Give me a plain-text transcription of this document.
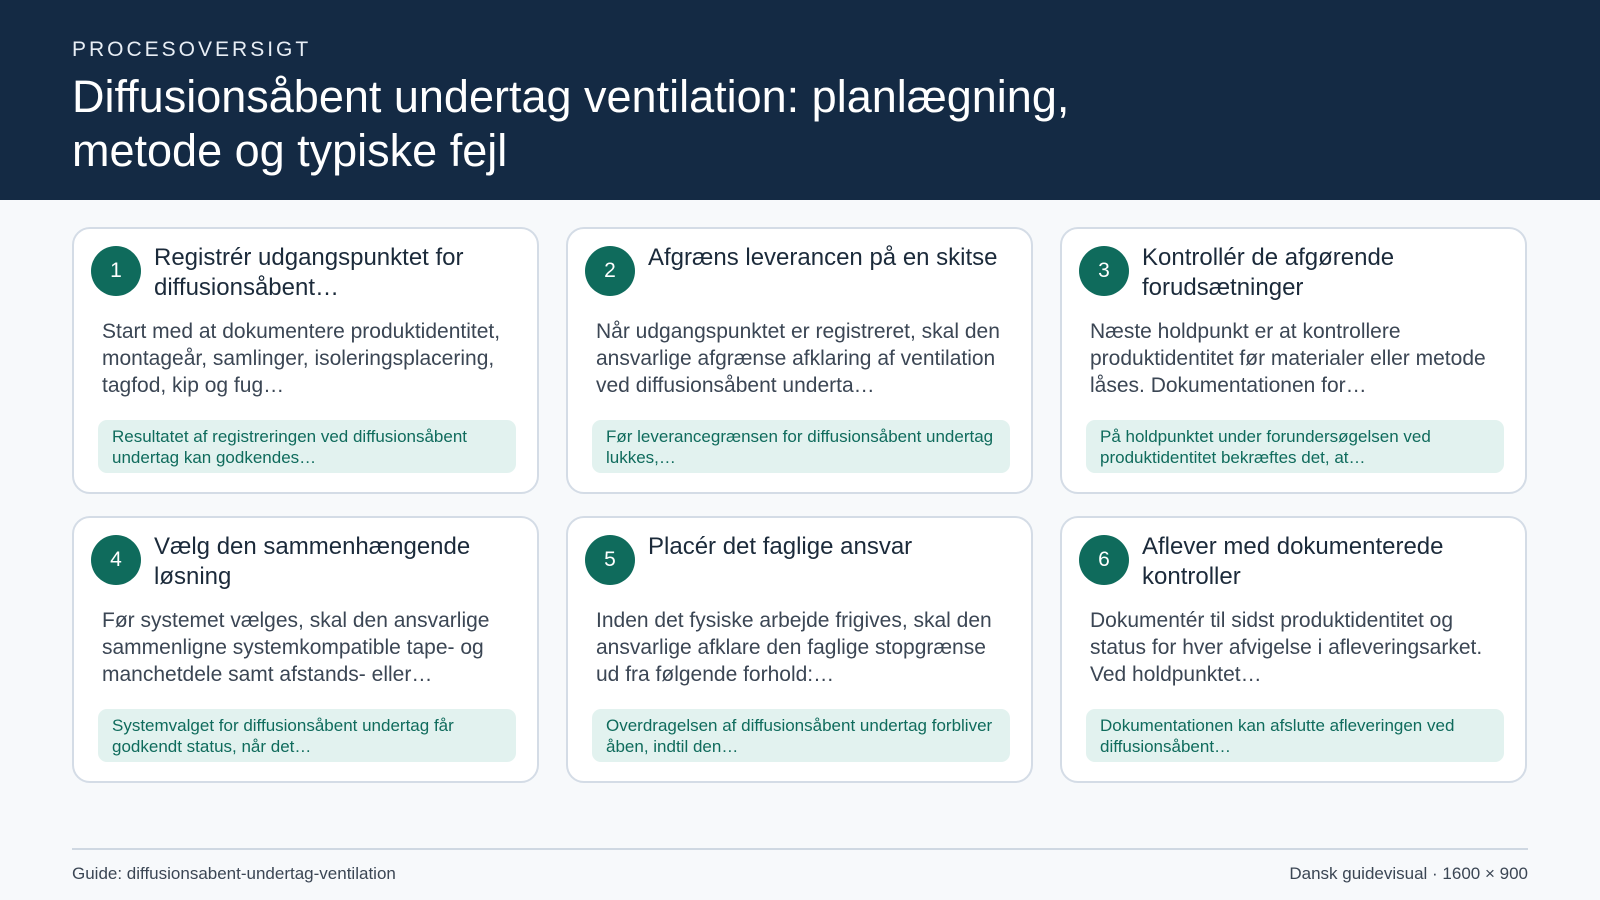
PROCESOVERSIGT
Diffusionsåbent undertag ventilation: planlægning, metode og typiske fejl
1	Registrér udgangspunktet for diffusionsåbent…
Start med at dokumentere produktidentitet, montageår, samlinger, isoleringsplacering, tagfod, kip og fug…
Resultatet af registreringen ved diffusionsåbent undertag kan godkendes…
2	Afgræns leverancen på en skitse
Når udgangspunktet er registreret, skal den ansvarlige afgrænse afklaring af ventilation ved diffusionsåbent underta…
Før leverancegrænsen for diffusionsåbent undertag lukkes,…
3	Kontrollér de afgørende forudsætninger
Næste holdpunkt er at kontrollere produktidentitet før materialer eller metode låses. Dokumentationen for…
På holdpunktet under forundersøgelsen ved produktidentitet bekræftes det, at…
4	Vælg den sammenhængende løsning
Før systemet vælges, skal den ansvarlige sammenligne systemkompatible tape- og manchetdele samt afstands- eller…
Systemvalget for diffusionsåbent undertag får godkendt status, når det…
5	Placér det faglige ansvar
Inden det fysiske arbejde frigives, skal den ansvarlige afklare den faglige stopgrænse ud fra følgende forhold:…
Overdragelsen af diffusionsåbent undertag forbliver åben, indtil den…
6	Aflever med dokumenterede kontroller
Dokumentér til sidst produktidentitet og status for hver afvigelse i afleveringsarket. Ved holdpunktet…
Dokumentationen kan afslutte afleveringen ved diffusionsåbent…
Guide: diffusionsabent-undertag-ventilation	Dansk guidevisual · 1600 × 900
